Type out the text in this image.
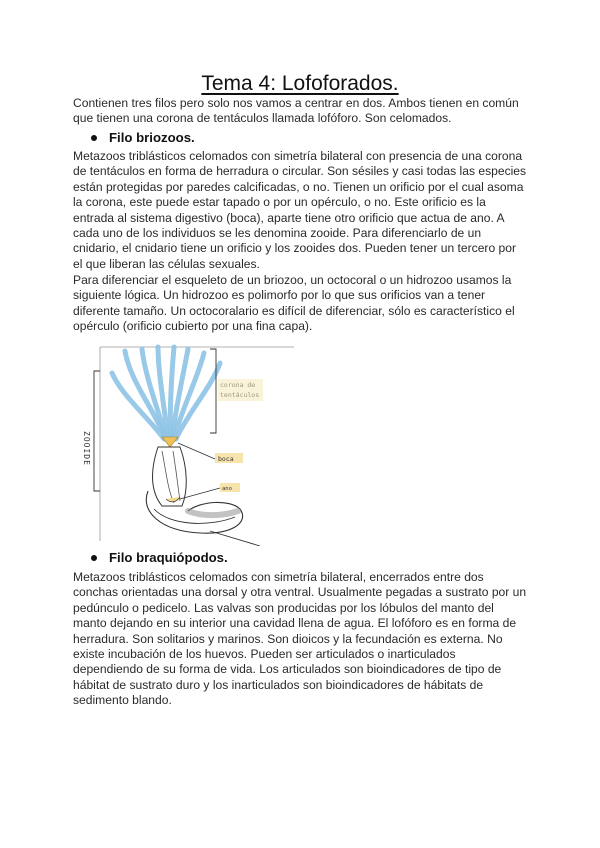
Tema 4: Lofoforados.
Contienen tres filos pero solo nos vamos a centrar en dos. Ambos tienen en común
que tienen una corona de tentáculos llamada lofóforo. Son celomados.
Filo briozoos.
Metazoos triblásticos celomados con simetría bilateral con presencia de una corona
de tentáculos en forma de herradura o circular. Son sésiles y casi todas las especies
están protegidas por paredes calcificadas, o no. Tienen un orificio por el cual asoma
la corona, este puede estar tapado o por un opérculo, o no. Este orificio es la
entrada al sistema digestivo (boca), aparte tiene otro orificio que actua de ano. A
cada uno de los individuos se les denomina zooide. Para diferenciarlo de un
cnidario, el cnidario tiene un orificio y los zooides dos. Pueden tener un tercero por
el que liberan las células sexuales.
Para diferenciar el esqueleto de un briozoo, un octocoral o un hidrozoo usamos la
siguiente lógica. Un hidrozoo es polimorfo por lo que sus orificios van a tener
diferente tamaño. Un octocoralario es difícil de diferenciar, sólo es característico el
opérculo (orificio cubierto por una fina capa).
boca
ano
ZOOIDE
Filo braquiópodos.
Metazoos triblásticos celomados con simetría bilateral, encerrados entre dos
conchas orientadas una dorsal y otra ventral. Usualmente pegadas a sustrato por un
pedúnculo o pedicelo. Las valvas son producidas por los lóbulos del manto del
manto dejando en su interior una cavidad llena de agua. El lofóforo es en forma de
herradura. Son solitarios y marinos. Son dioicos y la fecundación es externa. No
existe incubación de los huevos. Pueden ser articulados o inarticulados
dependiendo de su forma de vida. Los articulados son bioindicadores de tipo de
hábitat de sustrato duro y los inarticulados son bioindicadores de hábitats de
sedimento blando.
